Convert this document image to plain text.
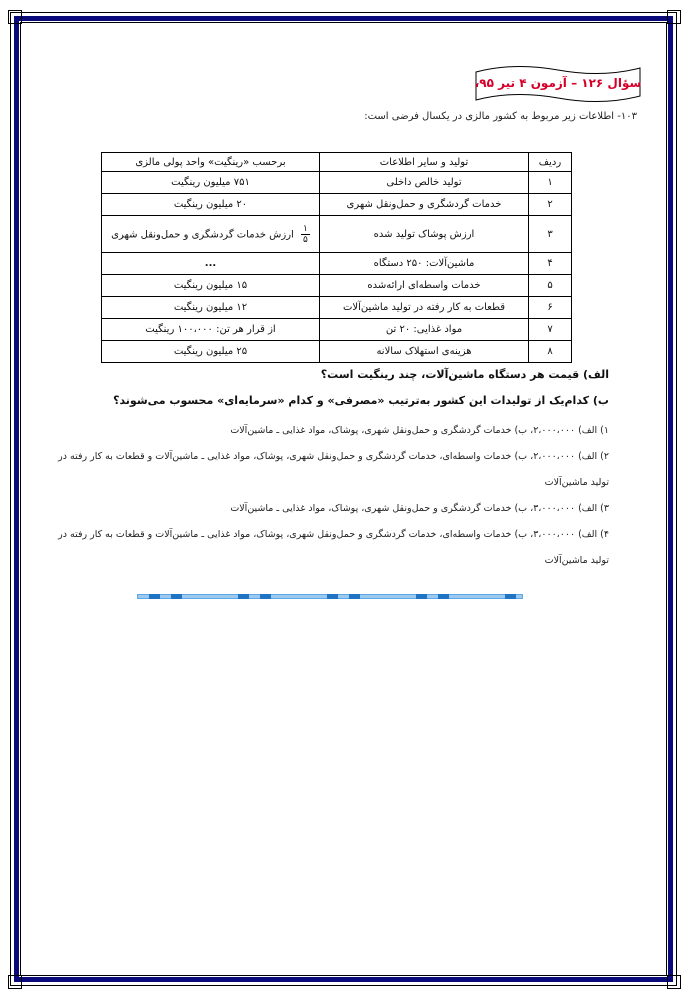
سؤال ۱۲۶ – آزمون ۴ تیر ۹۵،
۱۰۳- اطلاعات زیر مربوط به کشور مالزی در یکسال فرضی است:
ردیف	تولید و سایر اطلاعات	برحسب «رینگیت» واحد پولی مالزی
۱	تولید خالص داخلی	۷۵۱ میلیون رینگیت
۲	خدمات گردشگری و حمل‌ونقل شهری	۲۰ میلیون رینگیت
۳	ارزش پوشاک تولید شده	$\frac{۱}{۵}$
ارزش خدمات گردشگری و حمل‌ونقل شهری
۴	ماشین‌آلات: ۲۵۰ دستگاه	...
۵	خدمات واسطه‌ای ارائه‌شده	۱۵ میلیون رینگیت
۶	قطعات به کار رفته در تولید ماشین‌آلات	۱۲ میلیون رینگیت
۷	مواد غذایی: ۲۰ تن	از قرار هر تن: ۱۰۰،۰۰۰ رینگیت
۸	هزینه‌ی استهلاک سالانه	۲۵ میلیون رینگیت
الف) قیمت هر دستگاه ماشین‌آلات، چند رینگیت است؟
ب) کدام‌یک از تولیدات این کشور به‌ترتیب «مصرفی» و کدام «سرمایه‌ای» محسوب می‌شوند؟
۱) الف) ۲،۰۰۰،۰۰۰، ب) خدمات گردشگری و حمل‌ونقل شهری، پوشاک، مواد غذایی ـ ماشین‌آلات
۲) الف) ۲،۰۰۰،۰۰۰، ب) خدمات واسطه‌ای، خدمات گردشگری و حمل‌ونقل شهری، پوشاک، مواد غذایی ـ ماشین‌آلات و قطعات به کار رفته در تولید ماشین‌آلات
۳) الف) ۳،۰۰۰،۰۰۰، ب) خدمات گردشگری و حمل‌ونقل شهری، پوشاک، مواد غذایی ـ ماشین‌آلات
۴) الف) ۳،۰۰۰،۰۰۰، ب) خدمات واسطه‌ای، خدمات گردشگری و حمل‌ونقل شهری، پوشاک، مواد غذایی ـ ماشین‌آلات و قطعات به کار رفته در تولید ماشین‌آلات
